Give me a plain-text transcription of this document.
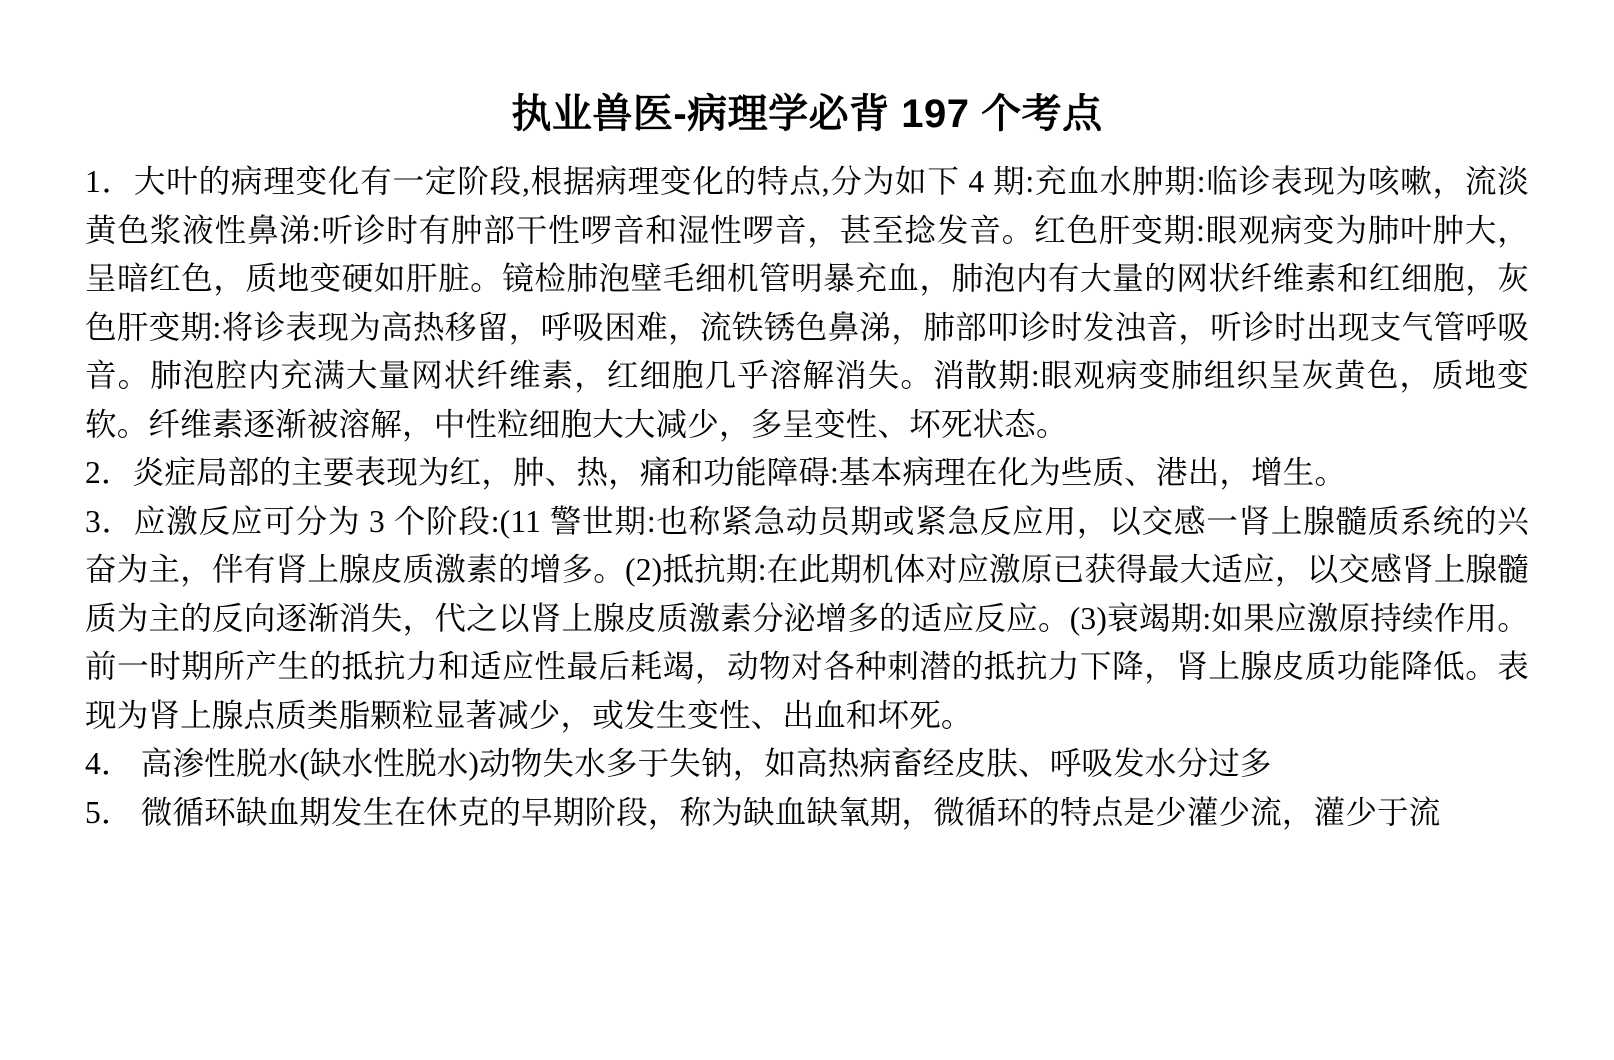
执业兽医-病理学必背 197 个考点

1．大叶的病理变化有一定阶段,根据病理变化的特点,分为如下 4 期:充血水肿期:临诊表现为咳嗽，流淡黄色浆液性鼻涕:听诊时有肿部干性啰音和湿性啰音，甚至捻发音。红色肝变期:眼观病变为肺叶肿大，呈暗红色，质地变硬如肝脏。镜检肺泡壁毛细机管明暴充血，肺泡内有大量的网状纤维素和红细胞，灰色肝变期:将诊表现为高热移留，呼吸困难，流铁锈色鼻涕，肺部叩诊时发浊音，听诊时出现支气管呼吸音。肺泡腔内充满大量网状纤维素，红细胞几乎溶解消失。消散期:眼观病变肺组织呈灰黄色，质地变软。纤维素逐渐被溶解，中性粒细胞大大减少，多呈变性、坏死状态。

2．炎症局部的主要表现为红，肿、热，痛和功能障碍:基本病理在化为些质、港出，增生。

3．应激反应可分为 3 个阶段:(11 警世期:也称紧急动员期或紧急反应用，以交感一肾上腺髓质系统的兴奋为主，伴有肾上腺皮质激素的增多。(2)抵抗期:在此期机体对应激原已获得最大适应，以交感肾上腺髓质为主的反向逐渐消失，代之以肾上腺皮质激素分泌增多的适应反应。(3)衰竭期:如果应激原持续作用。前一时期所产生的抵抗力和适应性最后耗竭，动物对各种刺潜的抵抗力下降，肾上腺皮质功能降低。表现为肾上腺点质类脂颗粒显著减少，或发生变性、出血和坏死。

4． 高渗性脱水(缺水性脱水)动物失水多于失钠，如高热病畜经皮肤、呼吸发水分过多

5． 微循环缺血期发生在休克的早期阶段，称为缺血缺氧期，微循环的特点是少灌少流，灌少于流
